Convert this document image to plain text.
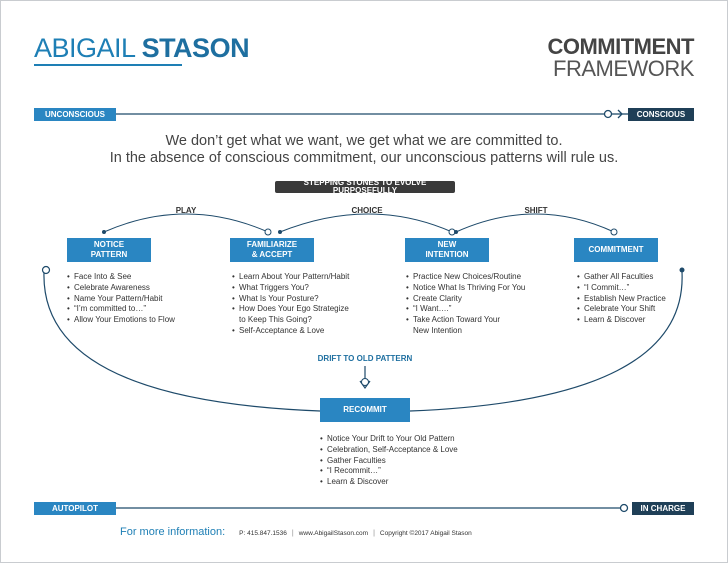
ABIGAIL STASON	COMMITMENT
FRAMEWORK
UNCONSCIOUS	CONSCIOUS
We don’t get what we want, we get what we are committed to.
In the absence of conscious commitment, our unconscious patterns will rule us.
STEPPING STONES TO EVOLVE PURPOSEFULLY
PLAY	CHOICE	SHIFT
NOTICE
PATTERN
FAMILIARIZE
& ACCEPT
NEW
INTENTION
COMMITMENT
• Face Into & See
• Celebrate Awareness
• Name Your Pattern/Habit
• “I’m committed to…”
• Allow Your Emotions to Flow
• Learn About Your Pattern/Habit
• What Triggers You?
• What Is Your Posture?
• How Does Your Ego Strategize
to Keep This Going?
• Self-Acceptance & Love
• Practice New Choices/Routine
• Notice What Is Thriving For You
• Create Clarity
• “I Want….”
• Take Action Toward Your
New Intention
• Gather All Faculties
• “I Commit…”
• Establish New Practice
• Celebrate Your Shift
• Learn & Discover
DRIFT TO OLD PATTERN
RECOMMIT
• Notice Your Drift to Your Old Pattern
• Celebration, Self-Acceptance & Love
• Gather Faculties
• “I Recommit…”
• Learn & Discover
AUTOPILOT	IN CHARGE
For more information: P: 415.847.1536 | www.AbigailStason.com | Copyright ©2017 Abigail Stason
